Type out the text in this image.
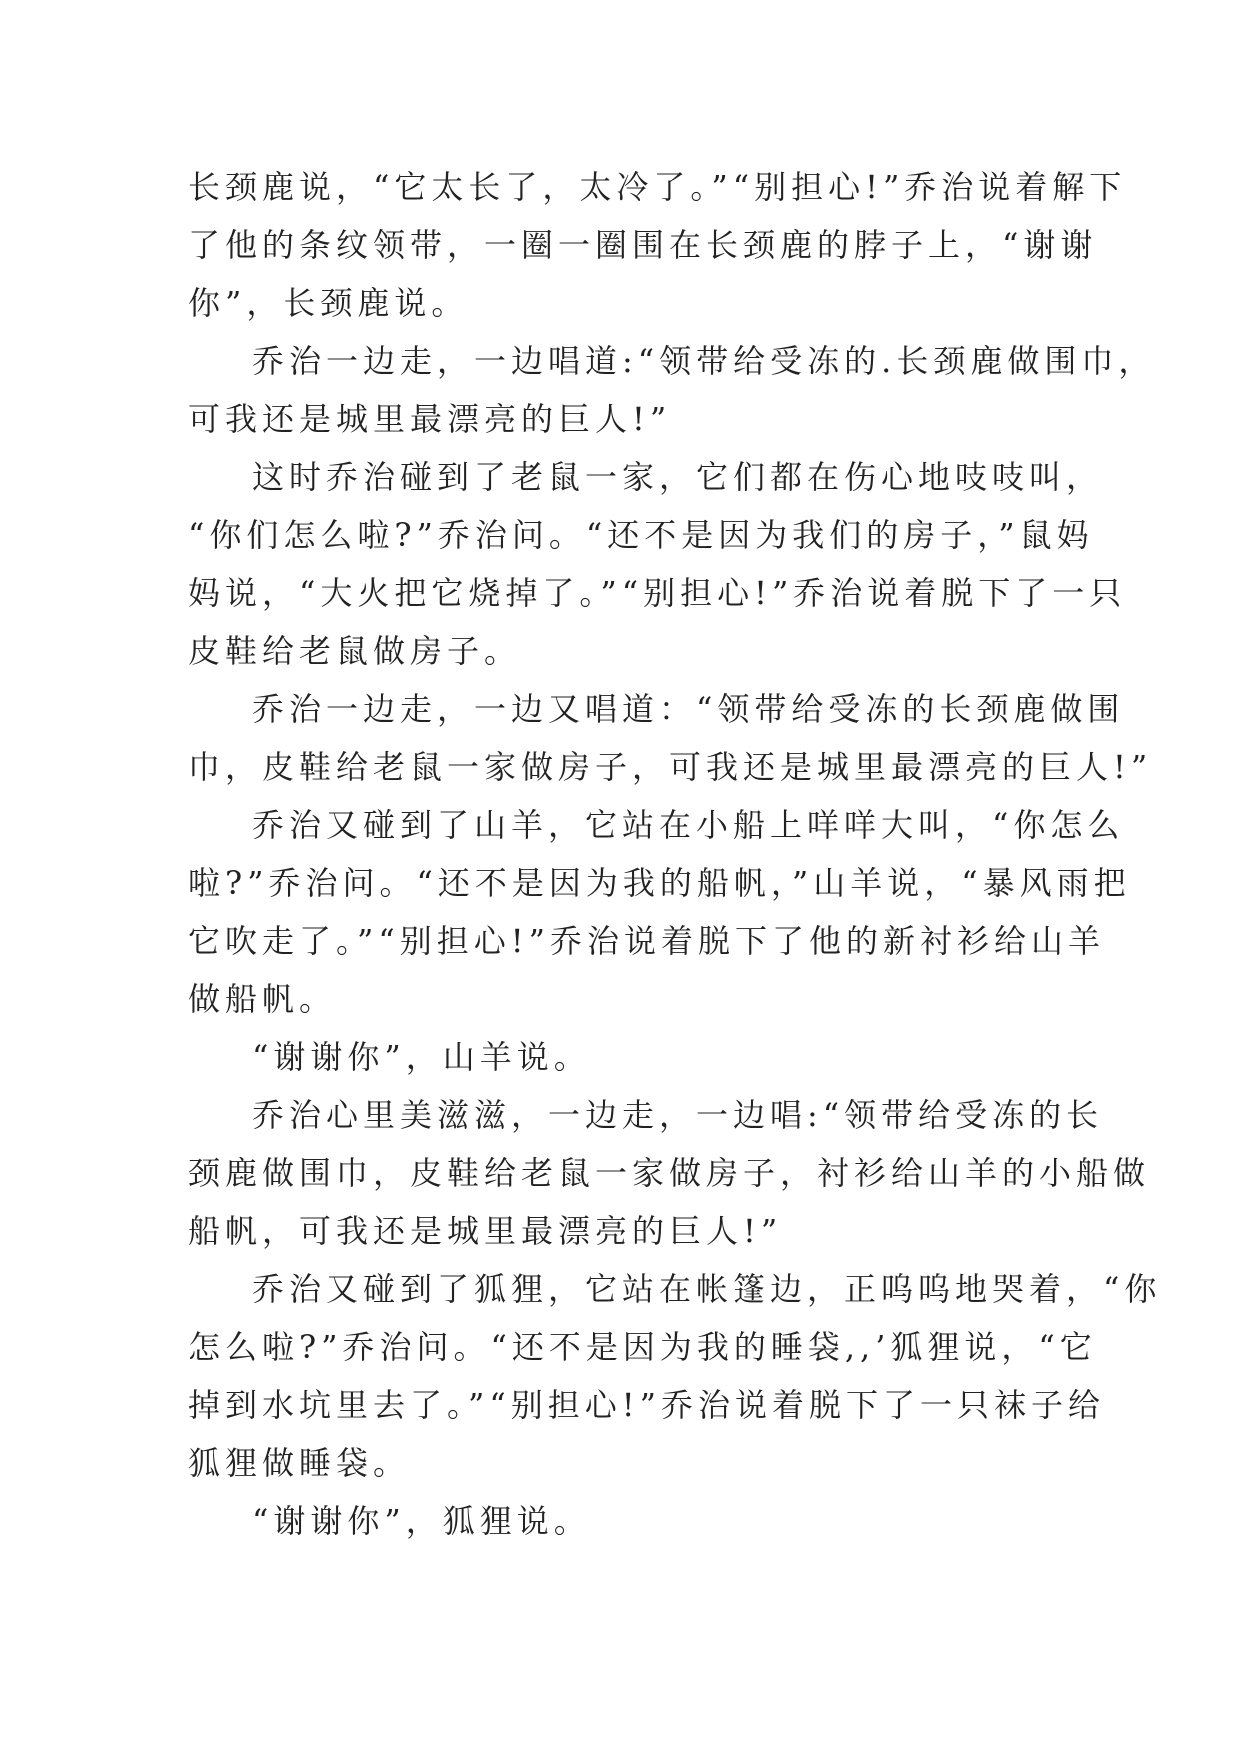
长颈鹿说，“它太长了，太冷了。”“别担心!”乔治说着解下
了他的条纹领带，一圈一圈围在长颈鹿的脖子上，“谢谢
你”，长颈鹿说。

乔治一边走，一边唱道:“领带给受冻的.长颈鹿做围巾，
可我还是城里最漂亮的巨人!”

这时乔治碰到了老鼠一家，它们都在伤心地吱吱叫，
“你们怎么啦?”乔治问。“还不是因为我们的房子，”鼠妈
妈说，“大火把它烧掉了。”“别担心!”乔治说着脱下了一只
皮鞋给老鼠做房子。

乔治一边走，一边又唱道：“领带给受冻的长颈鹿做围
巾，皮鞋给老鼠一家做房子，可我还是城里最漂亮的巨人!”

乔治又碰到了山羊，它站在小船上咩咩大叫，“你怎么
啦?”乔治问。“还不是因为我的船帆，”山羊说，“暴风雨把
它吹走了。”“别担心!”乔治说着脱下了他的新衬衫给山羊
做船帆。

“谢谢你”，山羊说。

乔治心里美滋滋，一边走，一边唱:“领带给受冻的长
颈鹿做围巾，皮鞋给老鼠一家做房子，衬衫给山羊的小船做
船帆，可我还是城里最漂亮的巨人!”

乔治又碰到了狐狸，它站在帐篷边，正呜呜地哭着，“你
怎么啦?”乔治问。“还不是因为我的睡袋,,’狐狸说，“它
掉到水坑里去了。”“别担心!”乔治说着脱下了一只袜子给
狐狸做睡袋。

“谢谢你”，狐狸说。
